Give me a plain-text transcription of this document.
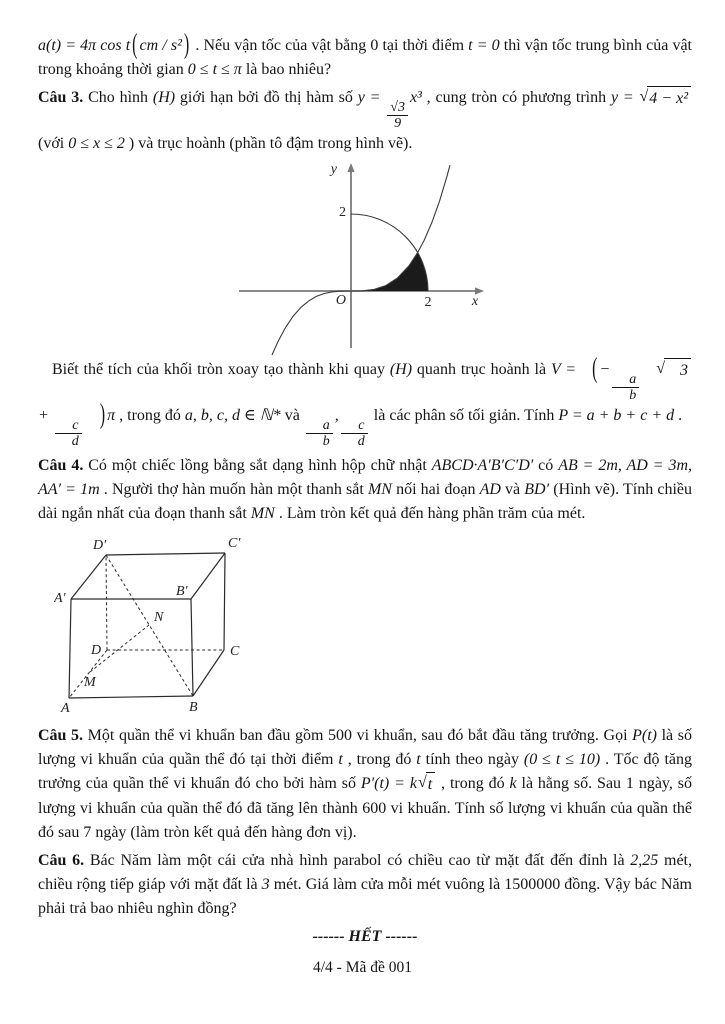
a(t) = 4π cos t ( cm / s² ) . Nếu vận tốc của vật bằng 0 tại thời điểm t = 0 thì vận tốc trung bình của vật trong khoảng thời gian 0 ≤ t ≤ π là bao nhiêu?

Câu 3. Cho hình (H) giới hạn bởi đồ thị hàm số y =
$\frac{√3}{9}$
x³ , cung tròn có phương trình y = √ 4 − x²
(với 0 ≤ x ≤ 2 ) và trục hoành (phần tô đậm trong hình vẽ).

y
x
2
2
O

Biết thể tích của khối tròn xoay tạo thành khi quay (H) quanh trục hoành là V = ( −
$\frac{a}{b}$
√ 3
+
$\frac{c}{d}$
) π , trong đó a, b, c, d ∈ ℕ* và
$\frac{a}{b}$
,
$\frac{c}{d}$
là các phân số tối giản. Tính P = a + b + c + d .

Câu 4. Có một chiếc lồng bằng sắt dạng hình hộp chữ nhật ABCD·A′B′C′D′ có AB = 2m, AD = 3m, AA′ = 1m . Người thợ hàn muốn hàn một thanh sắt MN nối hai đoạn AD và BD′ (Hình vẽ). Tính chiều dài ngắn nhất của đoạn thanh sắt MN . Làm tròn kết quả đến hàng phần trăm của mét.

A	B
C
D
A′	B′
C′
D′
M
N

Câu 5. Một quần thể vi khuẩn ban đầu gồm 500 vi khuẩn, sau đó bắt đầu tăng trưởng. Gọi P(t) là số lượng vi khuẩn của quần thể đó tại thời điểm t , trong đó t tính theo ngày (0 ≤ t ≤ 10) . Tốc độ tăng trưởng của quần thể vi khuẩn đó cho bởi hàm số P′(t) = k √ t , trong đó k là hằng số. Sau 1 ngày, số lượng vi khuẩn của quần thể đó đã tăng lên thành 600 vi khuẩn. Tính số lượng vi khuẩn của quần thể đó sau 7 ngày (làm tròn kết quả đến hàng đơn vị).

Câu 6. Bác Năm làm một cái cửa nhà hình parabol có chiều cao từ mặt đất đến đỉnh là 2,25 mét, chiều rộng tiếp giáp với mặt đất là 3 mét. Giá làm cửa mỗi mét vuông là 1500000 đồng. Vậy bác Năm phải trả bao nhiêu nghìn đồng?

------ HẾT ------

4/4 - Mã đề 001
